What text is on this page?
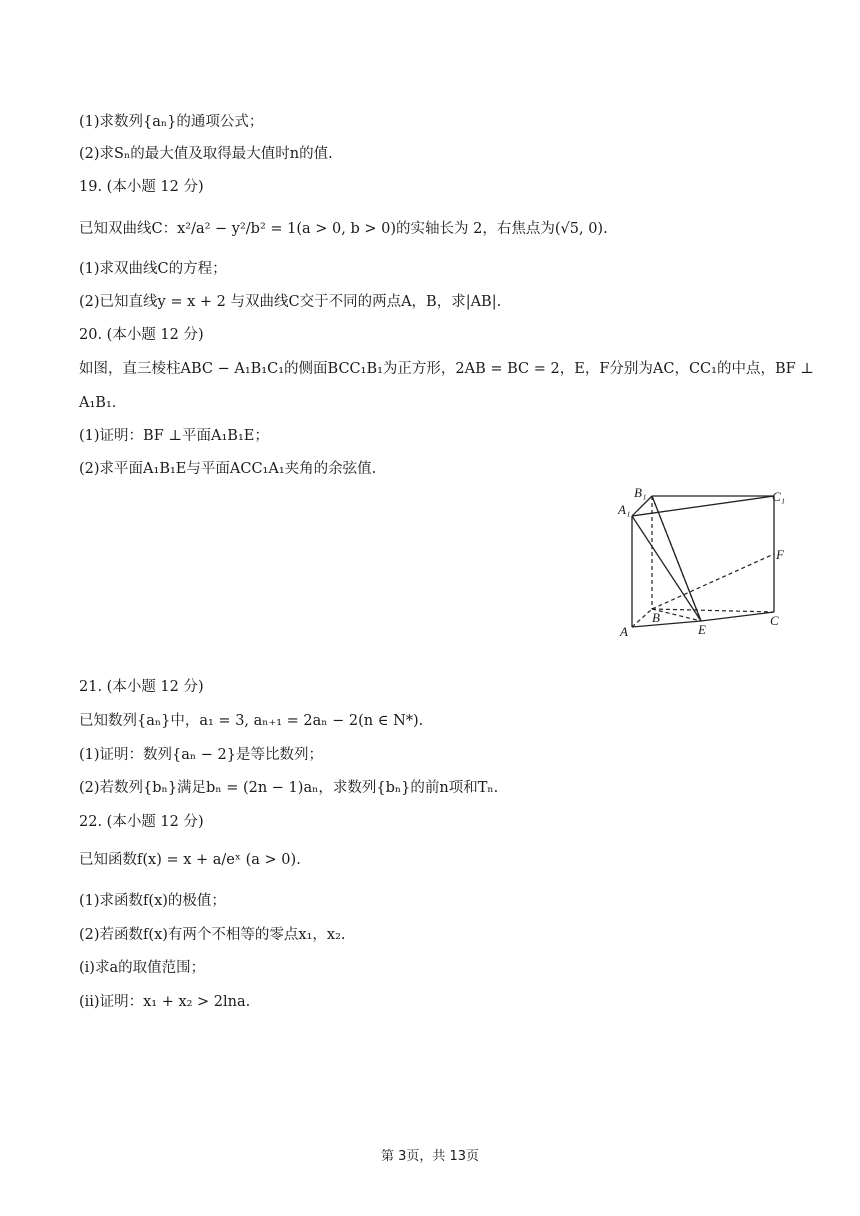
(1)求数列{aₙ}的通项公式；
(2)求Sₙ的最大值及取得最大值时n的值.
19. (本小题 12 分)
已知双曲线C：x²/a² − y²/b² = 1(a > 0, b > 0)的实轴长为 2，右焦点为(√5, 0).
(1)求双曲线C的方程；
(2)已知直线y = x + 2 与双曲线C交于不同的两点A，B，求|AB|.
20. (本小题 12 分)
如图，直三棱柱ABC − A₁B₁C₁的侧面BCC₁B₁为正方形，2AB = BC = 2，E，F分别为AC，CC₁的中点，BF ⊥
A₁B₁.
(1)证明：BF ⊥平面A₁B₁E；
(2)求平面A₁B₁E与平面ACC₁A₁夹角的余弦值.
A₁
B₁	C₁
F
B
A	E
C
21. (本小题 12 分)
已知数列{aₙ}中，a₁ = 3, aₙ₊₁ = 2aₙ − 2(n ∈ N*).
(1)证明：数列{aₙ − 2}是等比数列；
(2)若数列{bₙ}满足bₙ = (2n − 1)aₙ，求数列{bₙ}的前n项和Tₙ.
22. (本小题 12 分)
已知函数f(x) = x + a/eˣ (a > 0).
(1)求函数f(x)的极值；
(2)若函数f(x)有两个不相等的零点x₁，x₂.
(i)求a的取值范围；
(ii)证明：x₁ + x₂ > 2lna.
第 3页，共 13页
